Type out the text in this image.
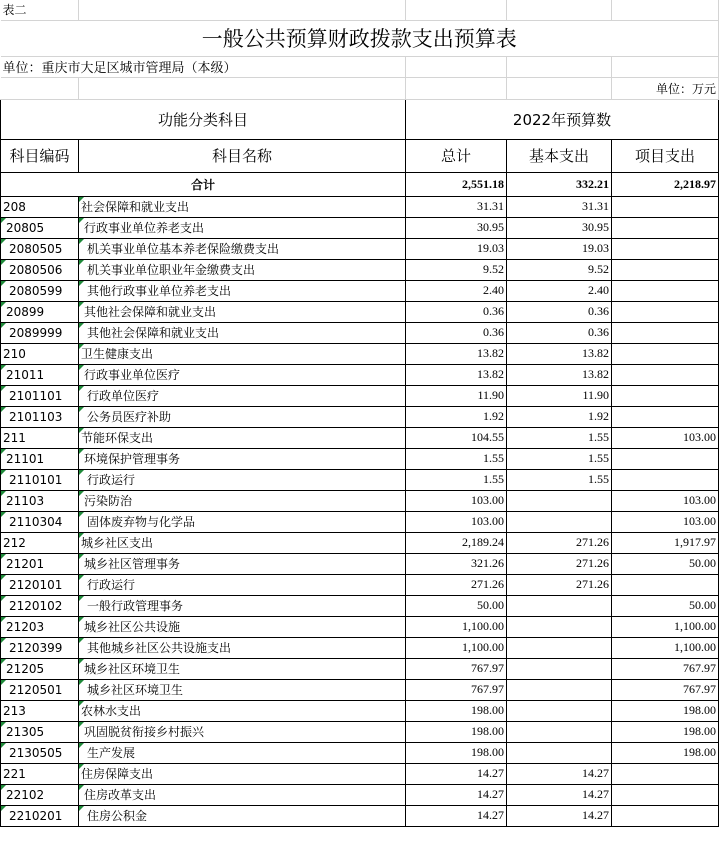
表二				
一般公共预算财政拨款支出预算表				
单位：重庆市大足区城市管理局（本级）				
				单位：万元
功能分类科目		2022年预算数		
科目编码	科目名称	总计	基本支出	项目支出
合计		2,551.18	332.21	2,218.97
208	社会保障和就业支出	31.31	31.31	
20805	行政事业单位养老支出	30.95	30.95	
2080505	机关事业单位基本养老保险缴费支出	19.03	19.03	
2080506	机关事业单位职业年金缴费支出	9.52	9.52	
2080599	其他行政事业单位养老支出	2.40	2.40	
20899	其他社会保障和就业支出	0.36	0.36	
2089999	其他社会保障和就业支出	0.36	0.36	
210	卫生健康支出	13.82	13.82	
21011	行政事业单位医疗	13.82	13.82	
2101101	行政单位医疗	11.90	11.90	
2101103	公务员医疗补助	1.92	1.92	
211	节能环保支出	104.55	1.55	103.00
21101	环境保护管理事务	1.55	1.55	
2110101	行政运行	1.55	1.55	
21103	污染防治	103.00		103.00
2110304	固体废弃物与化学品	103.00		103.00
212	城乡社区支出	2,189.24	271.26	1,917.97
21201	城乡社区管理事务	321.26	271.26	50.00
2120101	行政运行	271.26	271.26	
2120102	一般行政管理事务	50.00		50.00
21203	城乡社区公共设施	1,100.00		1,100.00
2120399	其他城乡社区公共设施支出	1,100.00		1,100.00
21205	城乡社区环境卫生	767.97		767.97
2120501	城乡社区环境卫生	767.97		767.97
213	农林水支出	198.00		198.00
21305	巩固脱贫衔接乡村振兴	198.00		198.00
2130505	生产发展	198.00		198.00
221	住房保障支出	14.27	14.27	
22102	住房改革支出	14.27	14.27	
2210201	住房公积金	14.27	14.27	
